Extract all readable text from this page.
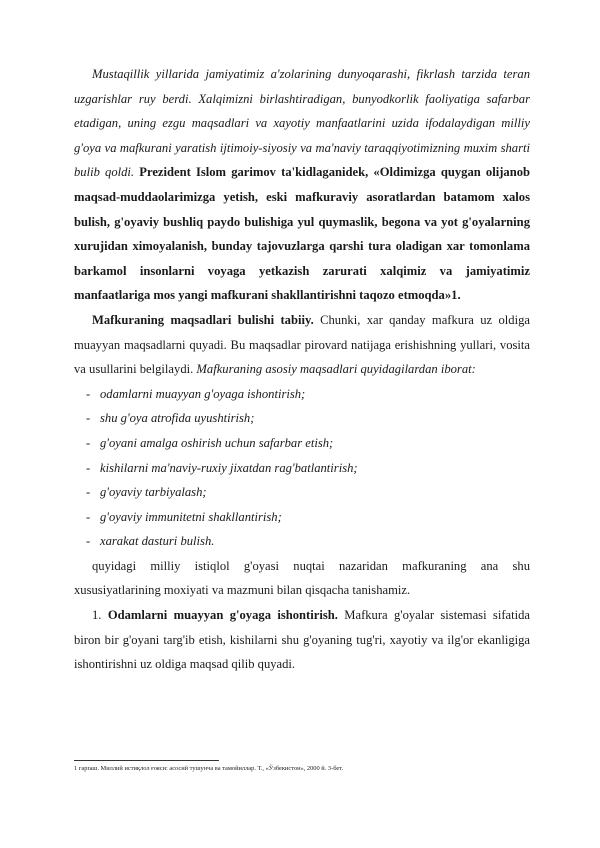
Mustaqillik yillarida jamiyatimiz a'zolarining dunyoqarashi, fikrlash tarzida teran uzgarishlar ruy berdi. Xalqimizni birlashtiradigan, bunyodkorlik faoliyatiga safarbar etadigan, uning ezgu maqsadlari va xayotiy manfaatlarini uzida ifodalaydigan milliy g'oya va mafkurani yaratish ijtimoiy-siyosiy va ma'naviy taraqqiyotimizning muxim sharti bulib qoldi. Prezident Islom garimov ta'kidlaganidek, «Oldimizga quygan olijanob maqsad-muddaolarimizga yetish, eski mafkuraviy asoratlardan batamom xalos bulish, g'oyaviy bushliq paydo bulishiga yul quymaslik, begona va yot g'oyalarning xurujidan ximoyalanish, bunday tajovuzlarga qarshi tura oladigan xar tomonlama barkamol insonlarni voyaga yetkazish zarurati xalqimiz va jamiyatimiz manfaatlariga mos yangi mafkurani shakllantirishni taqozo etmoqda»1.

Mafkuraning maqsadlari bulishi tabiiy. Chunki, xar qanday mafkura uz oldiga muayyan maqsadlarni quyadi. Bu maqsadlar pirovard natijaga erishishning yullari, vosita va usullarini belgilaydi. Mafkuraning asosiy maqsadlari quyidagilardan iborat:

- odamlarni muayyan g'oyaga ishontirish;
- shu g'oya atrofida uyushtirish;
- g'oyani amalga oshirish uchun safarbar etish;
- kishilarni ma'naviy-ruxiy jixatdan rag'batlantirish;
- g'oyaviy tarbiyalash;
- g'oyaviy immunitetni shakllantirish;
- xarakat dasturi bulish.

quyidagi milliy istiqlol g'oyasi nuqtai nazaridan mafkuraning ana shu xususiyatlarining moxiyati va mazmuni bilan qisqacha tanishamiz.

1. Odamlarni muayyan g'oyaga ishontirish. Mafkura g'oyalar sistemasi sifatida biron bir g'oyani targ'ib etish, kishilarni shu g'oyaning tug'ri, xayotiy va ilg'or ekanligiga ishontirishni uz oldiga maqsad qilib quyadi.

1 гаpraш. Миллий истиқлол ғояси: асосий тушунча ва тамойиллар. Т., «Ўзбекистон», 2000 й. 3-бет.
